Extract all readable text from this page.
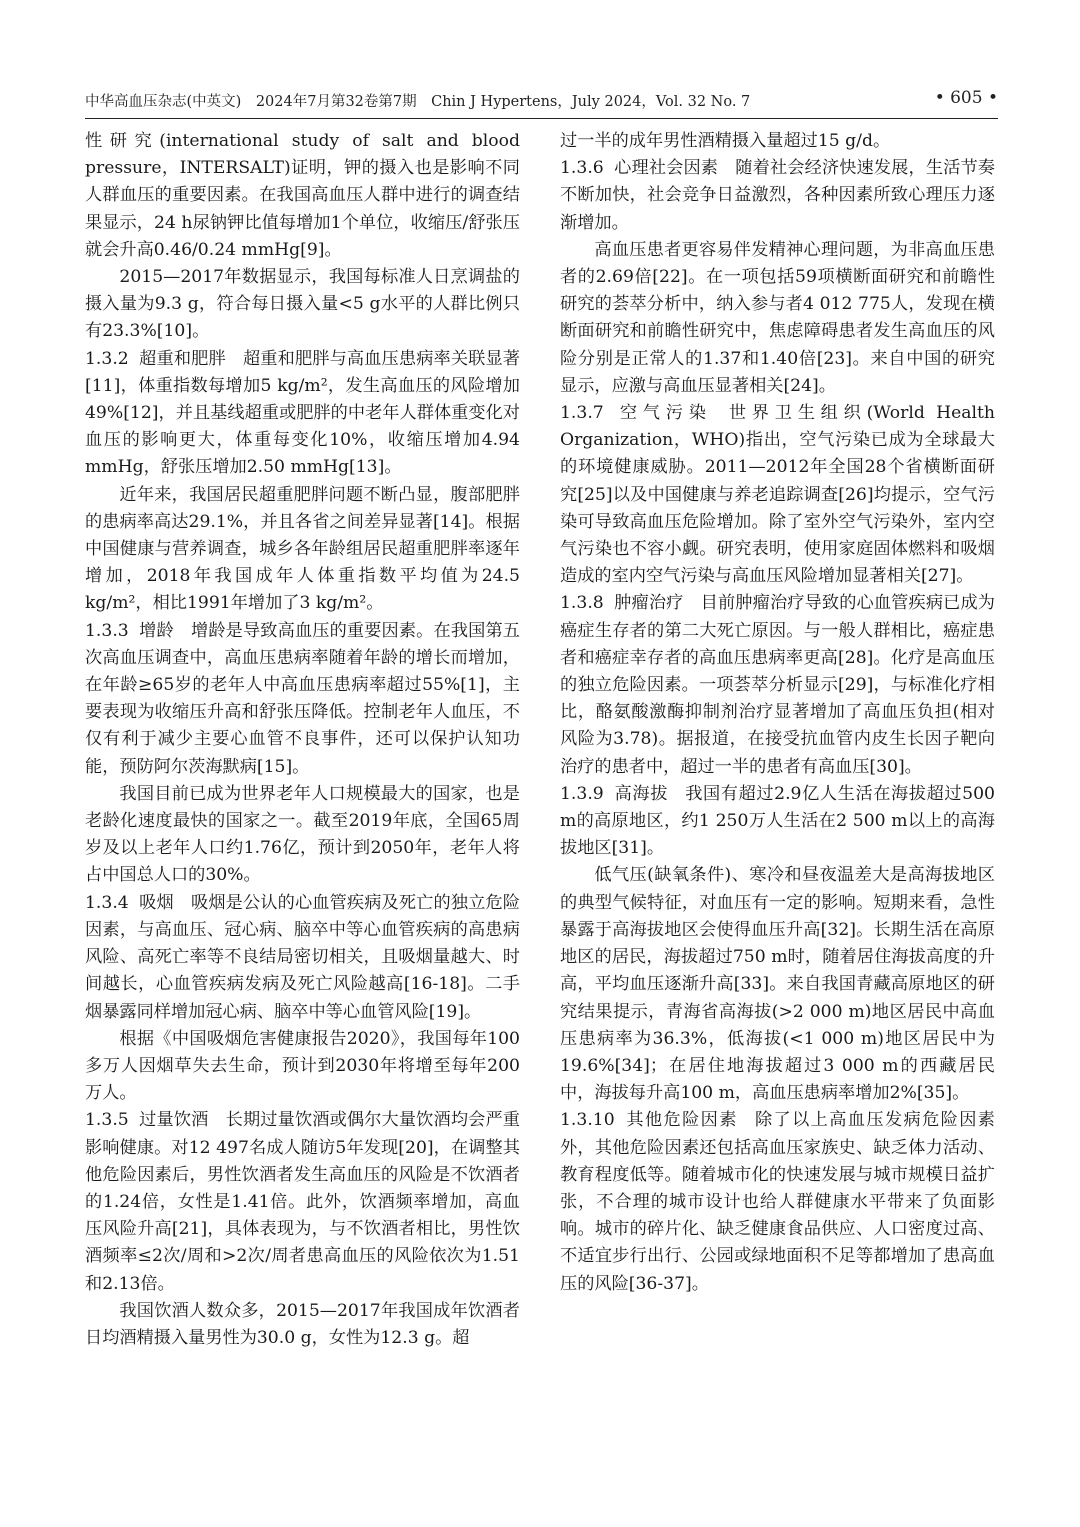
中华高血压杂志(中英文)　2024年7月第32卷第7期　Chin J Hypertens，July 2024，Vol. 32 No. 7	• 605 •

性研究(international study of salt and blood pressure，INTERSALT)证明，钾的摄入也是影响不同人群血压的重要因素。在我国高血压人群中进行的调查结果显示，24 h尿钠钾比值每增加1个单位，收缩压/舒张压就会升高0.46/0.24 mmHg[9]。

2015—2017年数据显示，我国每标准人日烹调盐的摄入量为9.3 g，符合每日摄入量<5 g水平的人群比例只有23.3%[10]。

1.3.2 超重和肥胖 超重和肥胖与高血压患病率关联显著[11]，体重指数每增加5 kg/m²，发生高血压的风险增加49%[12]，并且基线超重或肥胖的中老年人群体重变化对血压的影响更大，体重每变化10%，收缩压增加4.94 mmHg，舒张压增加2.50 mmHg[13]。

近年来，我国居民超重肥胖问题不断凸显，腹部肥胖的患病率高达29.1%，并且各省之间差异显著[14]。根据中国健康与营养调查，城乡各年龄组居民超重肥胖率逐年增加，2018年我国成年人体重指数平均值为24.5 kg/m²，相比1991年增加了3 kg/m²。

1.3.3 增龄 增龄是导致高血压的重要因素。在我国第五次高血压调查中，高血压患病率随着年龄的增长而增加，在年龄≥65岁的老年人中高血压患病率超过55%[1]，主要表现为收缩压升高和舒张压降低。控制老年人血压，不仅有利于减少主要心血管不良事件，还可以保护认知功能，预防阿尔茨海默病[15]。

我国目前已成为世界老年人口规模最大的国家，也是老龄化速度最快的国家之一。截至2019年底，全国65周岁及以上老年人口约1.76亿，预计到2050年，老年人将占中国总人口的30%。

1.3.4 吸烟 吸烟是公认的心血管疾病及死亡的独立危险因素，与高血压、冠心病、脑卒中等心血管疾病的高患病风险、高死亡率等不良结局密切相关，且吸烟量越大、时间越长，心血管疾病发病及死亡风险越高[16-18]。二手烟暴露同样增加冠心病、脑卒中等心血管风险[19]。

根据《中国吸烟危害健康报告2020》，我国每年100多万人因烟草失去生命，预计到2030年将增至每年200万人。

1.3.5 过量饮酒 长期过量饮酒或偶尔大量饮酒均会严重影响健康。对12 497名成人随访5年发现[20]，在调整其他危险因素后，男性饮酒者发生高血压的风险是不饮酒者的1.24倍，女性是1.41倍。此外，饮酒频率增加，高血压风险升高[21]，具体表现为，与不饮酒者相比，男性饮酒频率≤2次/周和>2次/周者患高血压的风险依次为1.51和2.13倍。

我国饮酒人数众多，2015—2017年我国成年饮酒者日均酒精摄入量男性为30.0 g，女性为12.3 g。超

过一半的成年男性酒精摄入量超过15 g/d。

1.3.6 心理社会因素 随着社会经济快速发展，生活节奏不断加快，社会竞争日益激烈，各种因素所致心理压力逐渐增加。

高血压患者更容易伴发精神心理问题，为非高血压患者的2.69倍[22]。在一项包括59项横断面研究和前瞻性研究的荟萃分析中，纳入参与者4 012 775人，发现在横断面研究和前瞻性研究中，焦虑障碍患者发生高血压的风险分别是正常人的1.37和1.40倍[23]。来自中国的研究显示，应激与高血压显著相关[24]。

1.3.7 空气污染 世界卫生组织(World Health Organization，WHO)指出，空气污染已成为全球最大的环境健康威胁。2011—2012年全国28个省横断面研究[25]以及中国健康与养老追踪调查[26]均提示，空气污染可导致高血压危险增加。除了室外空气污染外，室内空气污染也不容小觑。研究表明，使用家庭固体燃料和吸烟造成的室内空气污染与高血压风险增加显著相关[27]。

1.3.8 肿瘤治疗 目前肿瘤治疗导致的心血管疾病已成为癌症生存者的第二大死亡原因。与一般人群相比，癌症患者和癌症幸存者的高血压患病率更高[28]。化疗是高血压的独立危险因素。一项荟萃分析显示[29]，与标准化疗相比，酪氨酸激酶抑制剂治疗显著增加了高血压负担(相对风险为3.78)。据报道，在接受抗血管内皮生长因子靶向治疗的患者中，超过一半的患者有高血压[30]。

1.3.9 高海拔 我国有超过2.9亿人生活在海拔超过500 m的高原地区，约1 250万人生活在2 500 m以上的高海拔地区[31]。

低气压(缺氧条件)、寒冷和昼夜温差大是高海拔地区的典型气候特征，对血压有一定的影响。短期来看，急性暴露于高海拔地区会使得血压升高[32]。长期生活在高原地区的居民，海拔超过750 m时，随着居住海拔高度的升高，平均血压逐渐升高[33]。来自我国青藏高原地区的研究结果提示，青海省高海拔(>2 000 m)地区居民中高血压患病率为36.3%，低海拔(<1 000 m)地区居民中为19.6%[34]；在居住地海拔超过3 000 m的西藏居民中，海拔每升高100 m，高血压患病率增加2%[35]。

1.3.10 其他危险因素 除了以上高血压发病危险因素外，其他危险因素还包括高血压家族史、缺乏体力活动、教育程度低等。随着城市化的快速发展与城市规模日益扩张，不合理的城市设计也给人群健康水平带来了负面影响。城市的碎片化、缺乏健康食品供应、人口密度过高、不适宜步行出行、公园或绿地面积不足等都增加了患高血压的风险[36-37]。
